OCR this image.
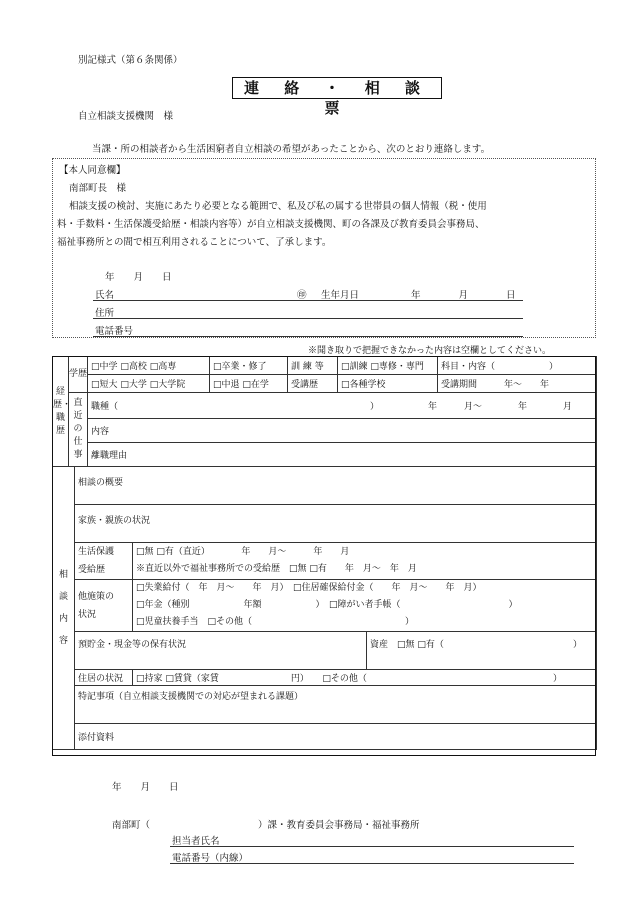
別記様式（第６条関係）
連 絡 ・ 相 談 票
自立相談支援機関　様
当課・所の相談者から生活困窮者自立相談の希望があったことから、次のとおり連絡します。
【本人同意欄】
南部町長　様
相談支援の検討、実施にあたり必要となる範囲で、私及び私の属する世帯員の個人情報（税・使用
料・手数料・生活保護受給歴・相談内容等）が自立相談支援機関、町の各課及び教育委員会事務局、
福祉事務所との間で相互利用されることについて、了承します。
年　　月　　日
氏名	㊞ 生年月日	年　　　　月　　　　日
住所
電話番号
※聞き取りで把握できなかった内容は空欄としてください。
経歴・職歴	学歴	□中学 □高校 □高専	□卒業・修了	訓 練 等	□訓練 □専修・専門	科目・内容（　　　　　　）
		□短大 □大学 □大学院	□中退 □在学	受講歴	□各種学校	受講期間　　　年～　　年
	直近の仕事	職種（ ） 年　　　月～　　　　年　　　　月				

		内容				
		離職理由				
相談内容	相談の概要		
	家族・親族の状況		
	生活保護
受給歴	□無 □有（直近）　　　　年　　月～　　　年　　月
※直近以外で福祉事務所での受給歴　□無 □有　　年　月～　年　月	
	他施策の
状況	□失業給付（　年　月～　　年　月）　□住居確保給付金（　　年　月～　　年　月）
□年金（種別　　　　　　年額　　　　　　）　□障がい者手帳（　　　　　　　　　　　　）
□児童扶養手当　□その他（　　　　　　　　　　　　　　　　　）	
	預貯金・現金等の保有状況		資産　□無 □有（ ）

	住居の状況	□持家 □賃貸（家賃　　　　　　　　円）　　□その他（ ）	

	特記事項（自立相談支援機関での対応が望まれる課題）		
	添付資料		
年　　月　　日
南部町（	）課・教育委員会事務局・福祉事務所
担当者氏名
電話番号（内線）
